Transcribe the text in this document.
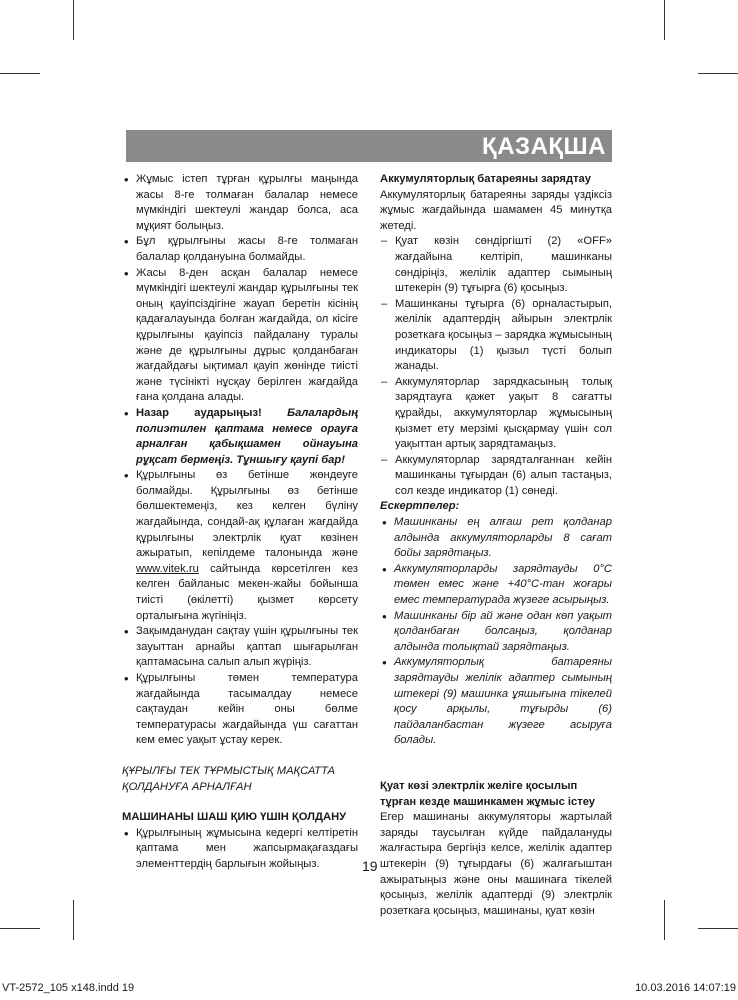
ҚАЗАҚША
• Жұмыс істеп тұрған құрылғы маңында жасы 8-ге толмаған балалар немесе мүмкіндігі шектеулі жандар болса, аса мұқият болыңыз.
• Бұл құрылғыны жасы 8-ге толмаған балалар қолдануына болмайды.
• Жасы 8-ден асқан балалар немесе мүмкіндігі шектеулі жандар құрылғыны тек оның қауіпсіздігіне жауап беретін кісінің қадағалауында болған жағдайда, ол кісіге құрылғыны қауіпсіз пайдалану туралы және де құрылғыны дұрыс қолданбаған жағдайдағы ықтимал қауіп жөнінде тиісті және түсінікті нұсқау берілген жағдайда ғана қолдана алады.
• Назар аударыңыз! Балалардың полиэтилен қаптама немесе орауға арналған қабықшамен ойнауына рұқсат бермеңіз. Тұншығу қаупі бар!
• Құрылғыны өз бетінше жөндеуге болмайды. Құрылғыны өз бетінше бөлшектемеңіз, кез келген бүлiну жағдайында, сондай-ақ құлаған жағдайда құрылғыны электрлік қуат көзінен ажыратып, кепілдеме талонында және www.vitek.ru сайтында көрсетілген кез келген байланыс мекен-жайы бойынша тиісті (өкілетті) қызмет көрсету орталығына жүгініңіз.
• Зақымданудан сақтау үшін құрылғыны тек зауыттан арнайы қаптап шығарылған қаптамасына салып алып жүріңіз.
• Құрылғыны төмен температура жағдайында тасымалдау немесе сақтаудан кейін оны бөлме температурасы жағдайында үш сағаттан кем емес уақыт ұстау керек.

ҚҰРЫЛҒЫ ТЕК ТҰРМЫСТЫҚ МАҚСАТТА ҚОЛДАНУҒА АРНАЛҒАН

МАШИНАНЫ ШАШ ҚИЮ ҮШІН ҚОЛДАНУ

• Құрылғының жұмысына кедергі келтіретін қаптама мен жапсырмақағаздағы элементтердің барлығын жойыңыз.

Аккумуляторлық батареяны зарядтау

Аккумуляторлық батареяны заряды үздіксіз жұмыс жағдайында шамамен 45 минутқа жетеді.

– Қуат көзін сөндіргішті (2) «OFF» жағдайына келтіріп, машинканы сөндіріңіз, желілік адаптер сымының штекерін (9) тұғырға (6) қосыңыз.
– Машинканы тұғырға (6) орналастырып, желілік адаптердің айырын электрлік розеткаға қосыңыз – зарядка жұмысының индикаторы (1) қызыл түсті болып жанады.
– Аккумуляторлар зарядкасының толық зарядтауға қажет уақыт 8 сағатты құрайды, аккумуляторлар жұмысының қызмет ету мерзімі қысқармау үшін сол уақыттан артық зарядтамаңыз.
– Аккумуляторлар зарядталғаннан кейін машинканы тұғырдан (6) алып тастаңыз, сол кезде индикатор (1) сөнеді.

Ескертпелер:

• Машинканы ең алғаш рет қолданар алдында аккумуляторларды 8 сағат бойы зарядтаңыз.
• Аккумуляторларды зарядтауды 0°С төмен емес және +40°С-тан жоғары емес температурада жүзеге асырыңыз.
• Машинканы бір ай және одан көп уақыт қолданбаған болсаңыз, қолданар алдында толықтай зарядтаңыз.
• Аккумуляторлық батареяны зарядтауды желілік адаптер сымының штекері (9) машинка ұяшығына тікелей қосу арқылы, тұғырды (6) пайдаланбастан жүзеге асыруға болады.

Қуат көзі электрлік желіге қосылып тұрған кезде машинкамен жұмыс істеу

Егер машинаны аккумуляторы жартылай заряды таусылған күйде пайдалануды жалғастыра бергіңіз келсе, желілік адаптер штекерін (9) тұғырдағы (6) жалғағыштан ажыратыңыз және оны машинаға тікелей қосыңыз, желілік адаптерді (9) электрлік розеткаға қосыңыз, машинаны, қуат көзін

19
VT-2572_105 x148.indd 19	10.03.2016 14:07:19
